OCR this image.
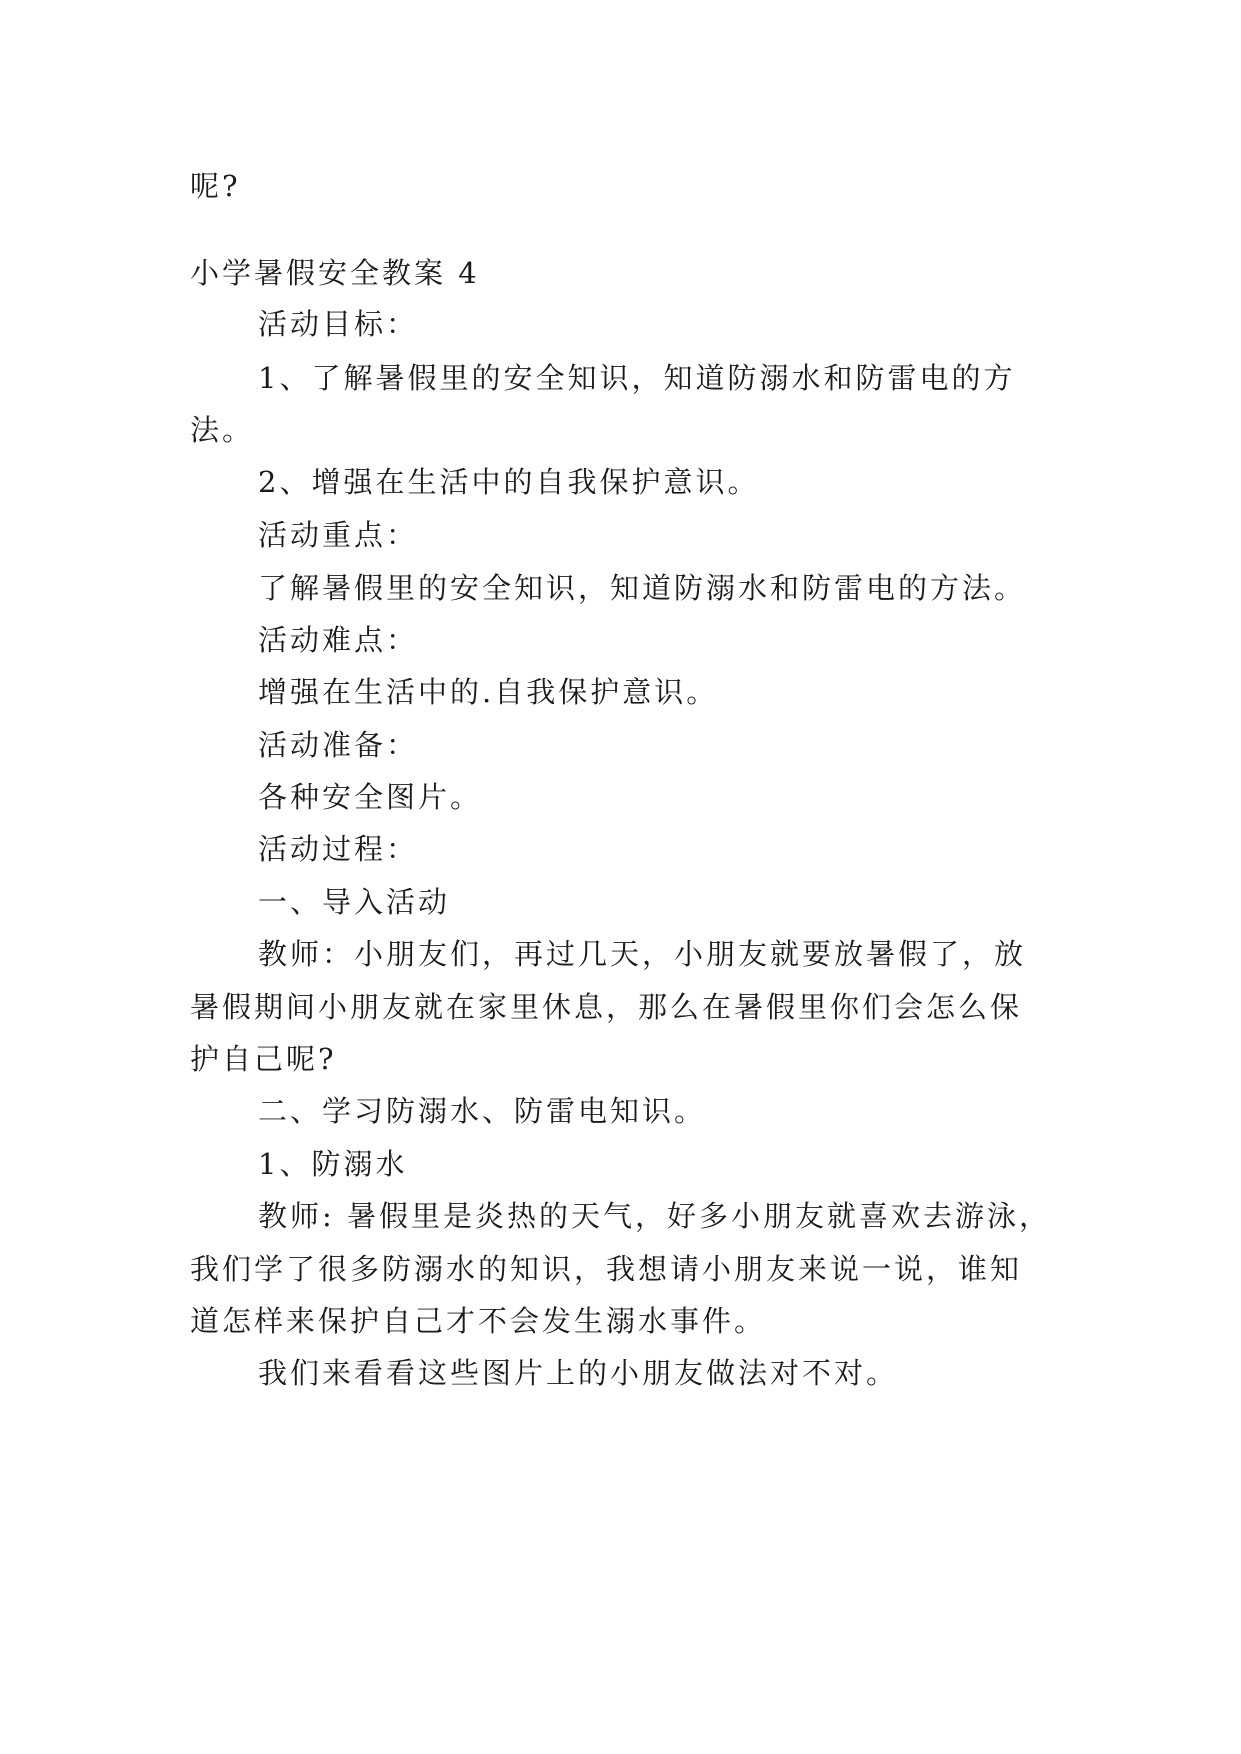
呢?
小学暑假安全教案 4
活动目标：
1、了解暑假里的安全知识，知道防溺水和防雷电的方
法。
2、增强在生活中的自我保护意识。
活动重点：
了解暑假里的安全知识，知道防溺水和防雷电的方法。
活动难点：
增强在生活中的.自我保护意识。
活动准备：
各种安全图片。
活动过程：
一、导入活动
教师：小朋友们，再过几天，小朋友就要放暑假了，放
暑假期间小朋友就在家里休息，那么在暑假里你们会怎么保
护自己呢?
二、学习防溺水、防雷电知识。
1、防溺水
教师: 暑假里是炎热的天气，好多小朋友就喜欢去游泳，
我们学了很多防溺水的知识，我想请小朋友来说一说，谁知
道怎样来保护自己才不会发生溺水事件。
我们来看看这些图片上的小朋友做法对不对。
